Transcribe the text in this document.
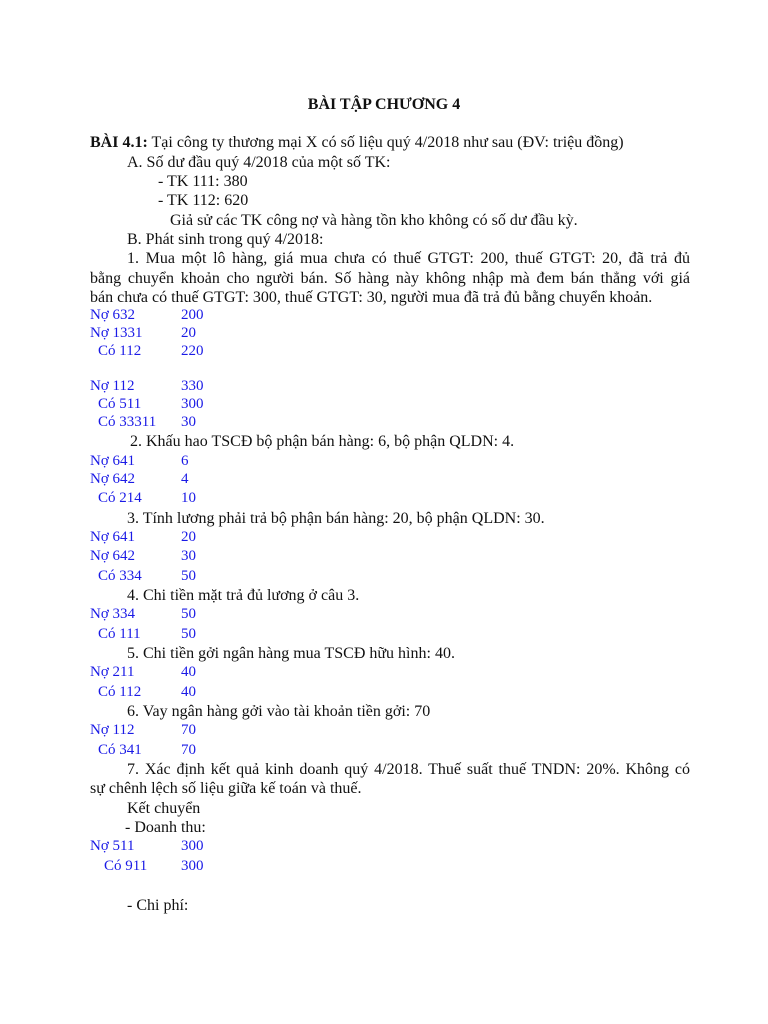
BÀI TẬP CHƯƠNG 4
BÀI 4.1: Tại công ty thương mại X có số liệu quý 4/2018 như sau (ĐV: triệu đồng)
A. Số dư đầu quý 4/2018 của một số TK:
- TK 111: 380
- TK 112: 620
Giả sử các TK công nợ và hàng tồn kho không có số dư đầu kỳ.
B. Phát sinh trong quý 4/2018:
1. Mua một lô hàng, giá mua chưa có thuế GTGT: 200, thuế GTGT: 20, đã trả đủ
bằng chuyển khoản cho người bán. Số hàng này không nhập mà đem bán thẳng với giá
bán chưa có thuế GTGT: 300, thuế GTGT: 30, người mua đã trả đủ bằng chuyển khoản.
Nợ 632	200
Nợ 1331	20
Có 112	220
Nợ 112	330
Có 511	300
Có 33311 30
2. Khấu hao TSCĐ bộ phận bán hàng: 6, bộ phận QLDN: 4.
Nợ 641	6
Nợ 642	4
Có 214	10
3. Tính lương phải trả bộ phận bán hàng: 20, bộ phận QLDN: 30.
Nợ 641	20
Nợ 642	30
Có 334	50
4. Chi tiền mặt trả đủ lương ở câu 3.
Nợ 334	50
Có 111	50
5. Chi tiền gởi ngân hàng mua TSCĐ hữu hình: 40.
Nợ 211	40
Có 112	40
6. Vay ngân hàng gởi vào tài khoản tiền gởi: 70
Nợ 112	70
Có 341	70
7. Xác định kết quả kinh doanh quý 4/2018. Thuế suất thuế TNDN: 20%. Không có
sự chênh lệch số liệu giữa kế toán và thuế.
Kết chuyển
- Doanh thu:
Nợ 511	300
Có 911 300
- Chi phí:
